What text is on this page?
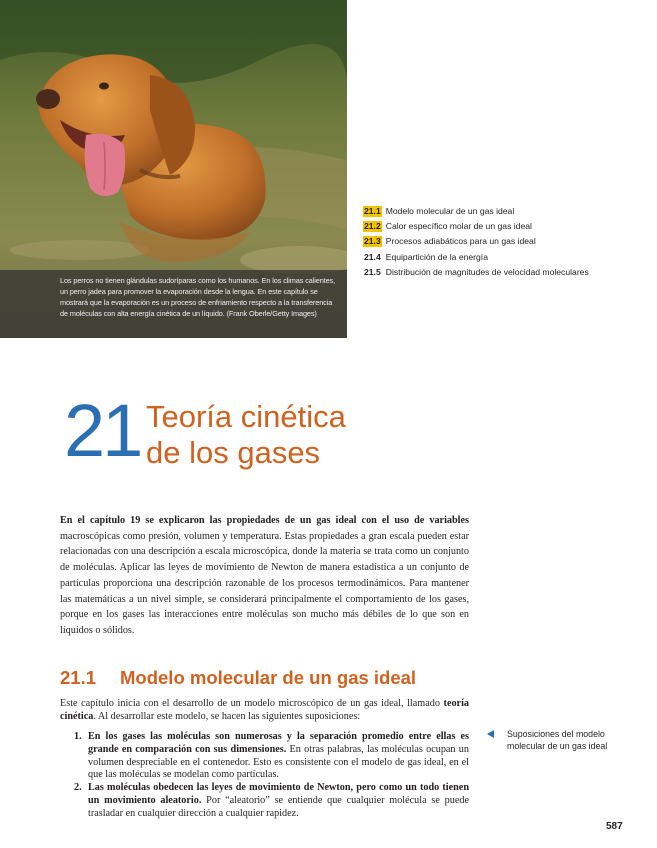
Los perros no tienen glándulas sudoríparas como los humanos. En los climas calientes, un perro jadea para promover la evaporación desde la lengua. En este capítulo se mostrará que la evaporación es un proceso de enfriamiento respecto a la transferencia de moléculas con alta energía cinética de un líquido. (Frank Oberle/Getty Images)

21.1 Modelo molecular de un gas ideal
21.2 Calor específico molar de un gas ideal
21.3 Procesos adiabáticos para un gas ideal
21.4 Equipartición de la energía
21.5 Distribución de magnitudes de velocidad moleculares
21 Teoría cinética
de los gases

En el capítulo 19 se explicaron las propiedades de un gas ideal con el uso de variables macroscópicas como presión, volumen y temperatura. Estas propiedades a gran escala pueden estar relacionadas con una descripción a escala microscópica, donde la materia se trata como un conjunto de moléculas. Aplicar las leyes de movimiento de Newton de manera estadística a un conjunto de partículas proporciona una descripción razonable de los procesos termodinámicos. Para mantener las matemáticas a un nivel simple, se considerará principalmente el comportamiento de los gases, porque en los gases las interacciones entre moléculas son mucho más débiles de lo que son en líquidos o sólidos.

21.1 Modelo molecular de un gas ideal

Este capítulo inicia con el desarrollo de un modelo microscópico de un gas ideal, llamado teoría cinética. Al desarrollar este modelo, se hacen las siguientes suposiciones:

1. En los gases las moléculas son numerosas y la separación promedio entre ellas es grande en comparación con sus dimensiones. En otras palabras, las moléculas ocupan un volumen despreciable en el contenedor. Esto es consistente con el modelo de gas ideal, en el que las moléculas se modelan como partículas.
2. Las moléculas obedecen las leyes de movimiento de Newton, pero como un todo tienen un movimiento aleatorio. Por “aleatorio” se entiende que cualquier molécula se puede trasladar en cualquier dirección a cualquier rapidez.
Suposiciones del modelo molecular de un gas ideal
587
